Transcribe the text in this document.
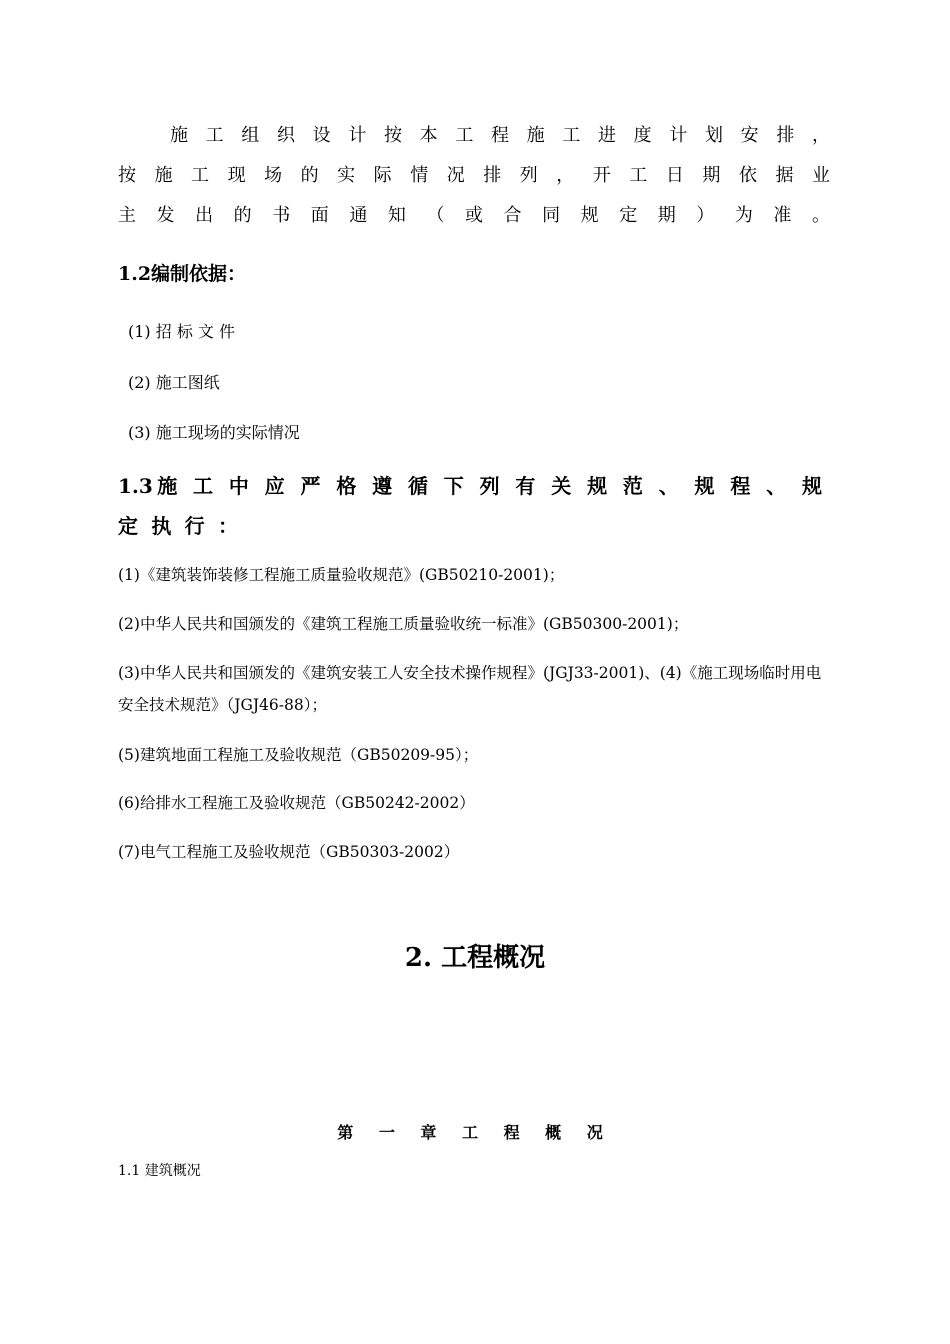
施 工 组 织 设 计 按 本 工 程 施 工 进 度 计 划 安 排 ，
按 施 工 现 场 的 实 际 情 况 排 列 ， 开 工 日 期 依 据 业
主 发 出 的 书 面 通 知 （ 或 合 同 规 定 期 ） 为 准 。
1.2编制依据：
(1) 招 标 文 件
(2) 施工图纸
(3) 施工现场的实际情况
1.3施 工 中 应 严 格 遵 循 下 列 有 关 规 范 、 规 程 、 规
定 执 行 ：
(1)《建筑装饰装修工程施工质量验收规范》(GB50210-2001)；
(2)中华人民共和国颁发的《建筑工程施工质量验收统一标准》(GB50300-2001)；
(3)中华人民共和国颁发的《建筑安装工人安全技术操作规程》(JGJ33-2001)、(4)《施工现场临时用电安全技术规范》（JGJ46-88）；
(5)建筑地面工程施工及验收规范（GB50209-95）；
(6)给排水工程施工及验收规范（GB50242-2002）
(7)电气工程施工及验收规范（GB50303-2002）
2. 工程概况
第 一 章 工 程 概 况
1.1 建筑概况
